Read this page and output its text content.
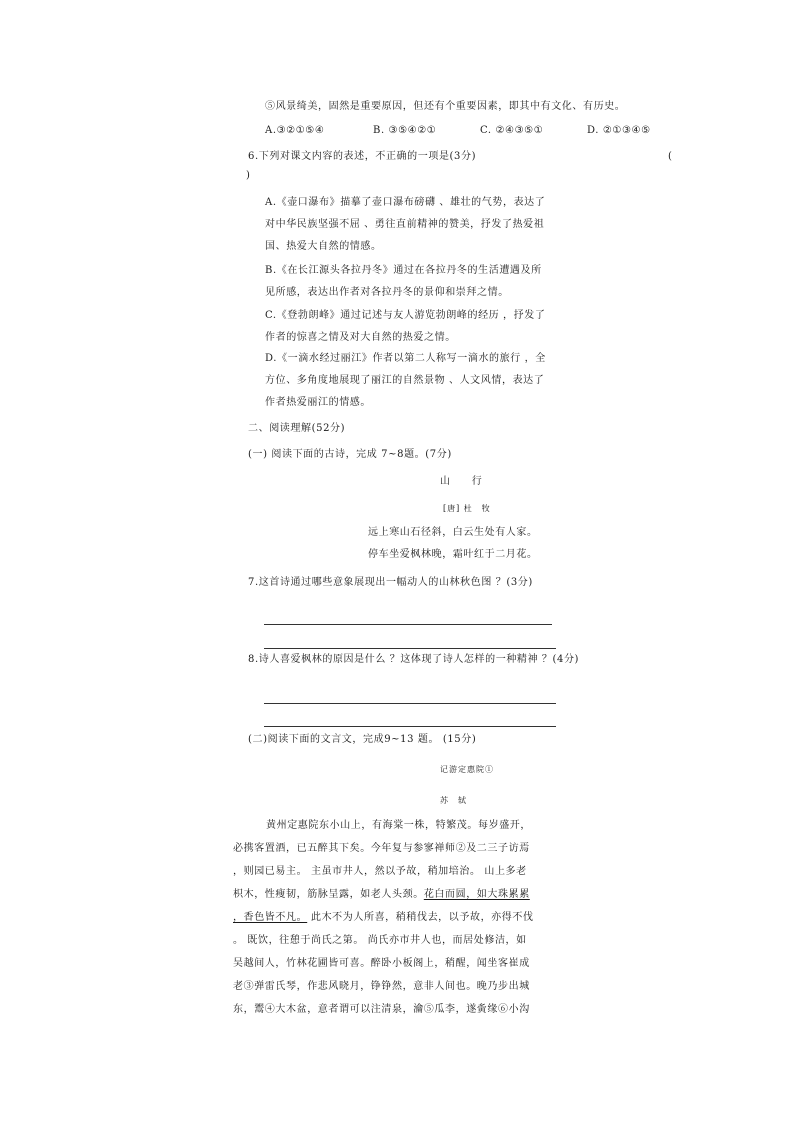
⑤风景绮美，固然是重要原因，但还有个重要因素，即其中有文化、有历史。
A.③②①⑤④	B. ③⑤④②①	C. ②④③⑤①	D. ②①③④⑤
6.下列对课文内容的表述，不正确的一项是(3分)	(
)
A.《壶口瀑布》描摹了壶口瀑布磅礴 、雄壮的气势，表达了
对中华民族坚强不屈 、勇往直前精神的赞美，抒发了热爱祖
国、热爱大自然的情感。
B.《在长江源头各拉丹冬》通过在各拉丹冬的生活遭遇及所
见所感，表达出作者对各拉丹冬的景仰和崇拜之情。
C.《登勃朗峰》通过记述与友人游览勃朗峰的经历 ，抒发了
作者的惊喜之情及对大自然的热爱之情。
D.《一滴水经过丽江》作者以第二人称写一滴水的旅行 ，全
方位、多角度地展现了丽江的自然景物 、人文风情，表达了
作者热爱丽江的情感。
二、阅读理解(52分)
(一) 阅读下面的古诗，完成 7~8题。(7分)
山　　行
[唐] 杜　牧
远上寒山石径斜，白云生处有人家。
停车坐爱枫林晚，霜叶红于二月花。
7.这首诗通过哪些意象展现出一幅动人的山林秋色图 ？(3分)
8.诗人喜爱枫林的原因是什么 ？这体现了诗人怎样的一种精神 ？(4分)
(二)阅读下面的文言文，完成9~13 题。 (15分)
记游定惠院①
苏　轼
黄州定惠院东小山上，有海棠一株，特繁茂。每岁盛开，
必携客置酒，已五醉其下矣。今年复与参寥禅师②及二三子访焉
，则园已易主。 主虽市井人，然以予故，稍加培治。 山上多老
枳木，性瘦韧，筋脉呈露，如老人头颈。花白而圆，如大珠累累
，香色皆不凡。 此木不为人所喜，稍稍伐去，以予故，亦得不伐
。 既饮，往憩于尚氏之第。 尚氏亦市井人也，而居处修洁，如
吴越间人，竹林花圃皆可喜。醉卧小板阁上，稍醒，闻坐客崔成
老③弹雷氏琴，作悲风晓月，铮铮然，意非人间也。晚乃步出城
东，鬻④大木盆，意者谓可以注清泉，瀹⑤瓜李，遂夤缘⑥小沟
